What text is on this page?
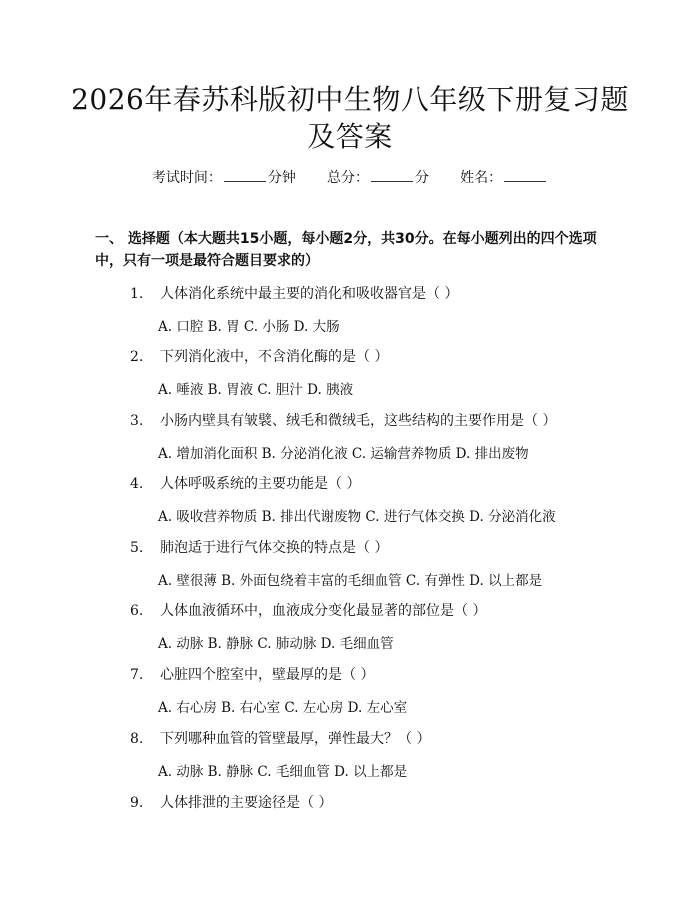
2026年春苏科版初中生物八年级下册复习题
及答案
考试时间：	分钟 总分：	分 姓名：
一、 选择题（本大题共15小题，每小题2分，共30分。在每小题列出的四个选项中，只有一项是最符合题目要求的）
1. 人体消化系统中最主要的消化和吸收器官是（ ）
A. 口腔 B. 胃 C. 小肠 D. 大肠
2. 下列消化液中，不含消化酶的是（ ）
A. 唾液 B. 胃液 C. 胆汁 D. 胰液
3. 小肠内壁具有皱襞、绒毛和微绒毛，这些结构的主要作用是（ ）
A. 增加消化面积 B. 分泌消化液 C. 运输营养物质 D. 排出废物
4. 人体呼吸系统的主要功能是（ ）
A. 吸收营养物质 B. 排出代谢废物 C. 进行气体交换 D. 分泌消化液
5. 肺泡适于进行气体交换的特点是（ ）
A. 壁很薄 B. 外面包绕着丰富的毛细血管 C. 有弹性 D. 以上都是
6. 人体血液循环中，血液成分变化最显著的部位是（ ）
A. 动脉 B. 静脉 C. 肺动脉 D. 毛细血管
7. 心脏四个腔室中，壁最厚的是（ ）
A. 右心房 B. 右心室 C. 左心房 D. 左心室
8. 下列哪种血管的管壁最厚，弹性最大？（ ）
A. 动脉 B. 静脉 C. 毛细血管 D. 以上都是
9. 人体排泄的主要途径是（ ）
